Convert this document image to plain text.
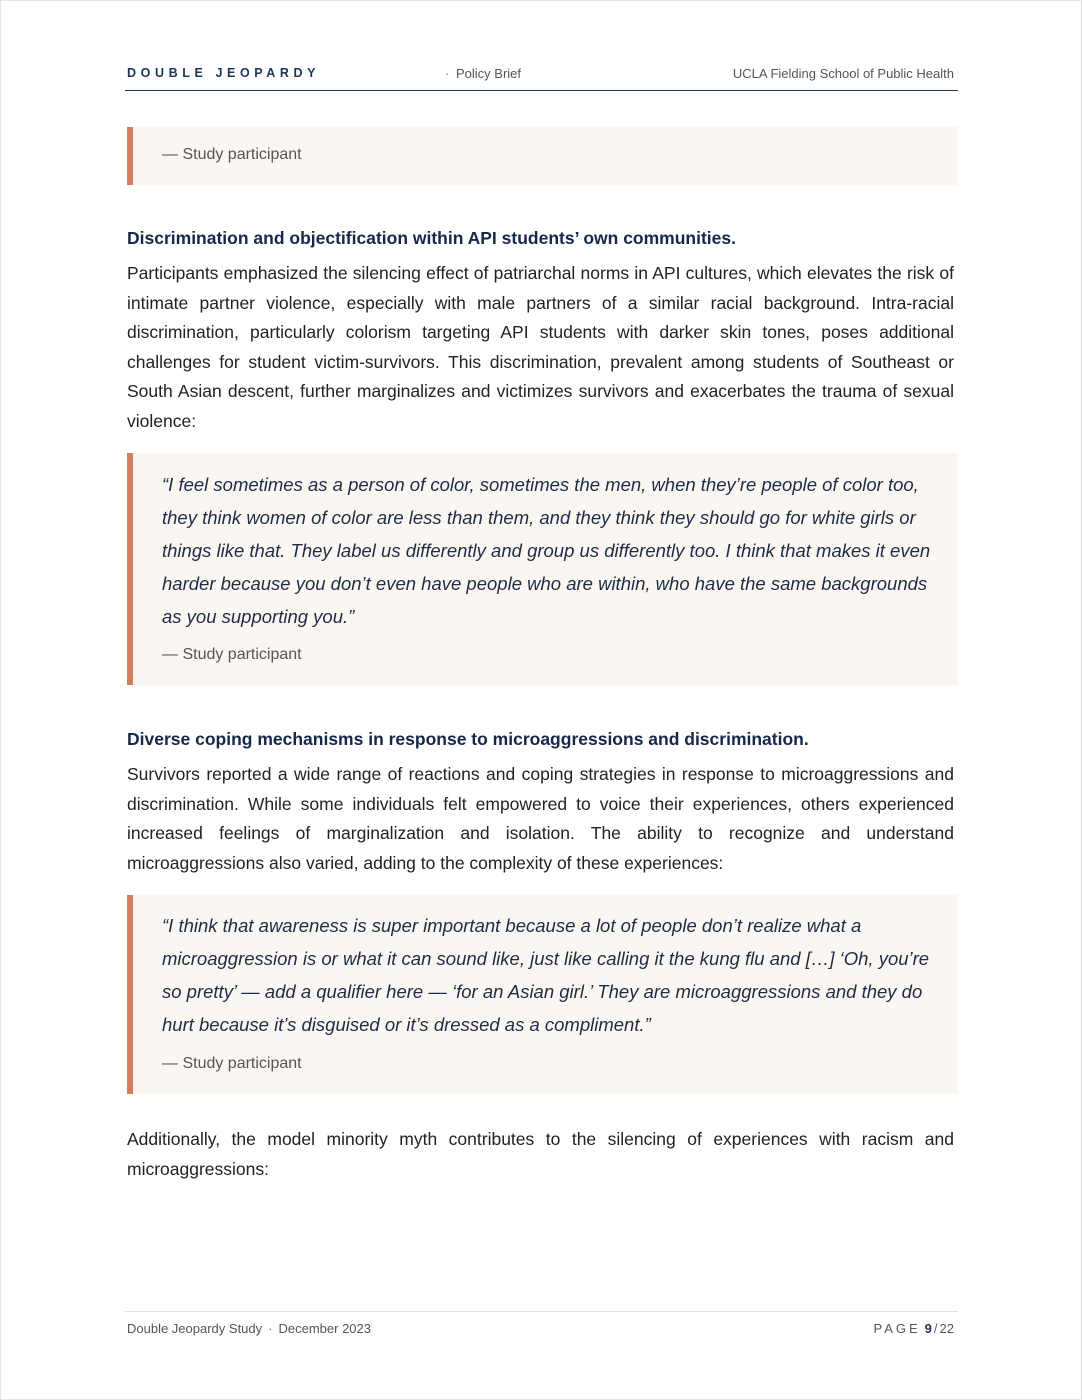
DOUBLE JEOPARDY	· Policy Brief	UCLA Fielding School of Public Health
— Study participant
Discrimination and objectification within API students’ own communities.

Participants emphasized the silencing effect of patriarchal norms in API cultures, which elevates the risk of intimate partner violence, especially with male partners of a similar racial background. Intra-racial discrimination, particularly colorism targeting API students with darker skin tones, poses additional challenges for student victim-survivors. This discrimination, prevalent among students of Southeast or South Asian descent, further marginalizes and victimizes survivors and exacerbates the trauma of sexual violence:

“I feel sometimes as a person of color, sometimes the men, when they’re people of color too, they think women of color are less than them, and they think they should go for white girls or things like that. They label us differently and group us differently too. I think that makes it even harder because you don’t even have people who are within, who have the same backgrounds as you supporting you.”

— Study participant
Diverse coping mechanisms in response to microaggressions and discrimination.

Survivors reported a wide range of reactions and coping strategies in response to microaggressions and discrimination. While some individuals felt empowered to voice their experiences, others experienced increased feelings of marginalization and isolation. The ability to recognize and understand microaggressions also varied, adding to the complexity of these experiences:

“I think that awareness is super important because a lot of people don’t realize what a microaggression is or what it can sound like, just like calling it the kung flu and […] ‘Oh, you’re so pretty’ — add a qualifier here — ‘for an Asian girl.’ They are microaggressions and they do hurt because it’s disguised or it’s dressed as a compliment.”

— Study participant

Additionally, the model minority myth contributes to the silencing of experiences with racism and microaggressions:

Double Jeopardy Study · December 2023	PAGE 9 / 22
